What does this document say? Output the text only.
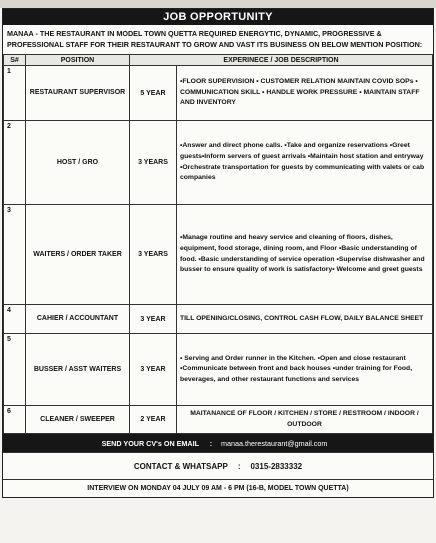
JOB OPPORTUNITY
MANAA - THE RESTAURANT IN MODEL TOWN QUETTA REQUIRED ENERGYTIC, DYNAMIC, PROGRESSIVE & PROFESSIONAL STAFF FOR THEIR RESTAURANT TO GROW AND VAST ITS BUSINESS ON BELOW MENTION POSITION:
S#	POSITION	EXPERINECE / JOB DESCRIPTION	
1	RESTAURANT SUPERVISOR	5 YEAR	•FLOOR SUPERVISION • CUSTOMER RELATION MAINTAIN COVID SOPs • COMMUNICATION SKILL • HANDLE WORK PRESSURE • MAINTAIN STAFF AND INVENTORY
2	HOST / GRO	3 YEARS	•Answer and direct phone calls. •Take and organize reservations •Greet guests•Inform servers of guest arrivals •Maintain host station and entryway •Orchestrate transportation for guests by communicating with valets or cab companies
3	WAITERS / ORDER TAKER	3 YEARS	•Manage routine and heavy service and cleaning of floors, dishes, equipment, food storage, dining room, and Floor •Basic understanding of food. •Basic understanding of service operation •Supervise dishwasher and busser to ensure quality of work is satisfactory• Welcome and greet guests
4	CAHIER / ACCOUNTANT	3 YEAR	TILL OPENING/CLOSING, CONTROL CASH FLOW, DAILY BALANCE SHEET
5	BUSSER / ASST WAITERS	3 YEAR	• Serving and Order runner in the Kitchen. •Open and close restaurant •Communicate between front and back houses •under training for Food, beverages, and other restaurant functions and services
6	CLEANER / SWEEPER	2 YEAR	MAITANANCE OF FLOOR / KITCHEN / STORE / RESTROOM / INDOOR / OUTDOOR
SEND YOUR CV's ON EMAIL	:	manaa.therestaurant@gmail.com
CONTACT & WHATSAPP	:	0315-2833332
INTERVIEW ON MONDAY 04 JULY 09 AM - 6 PM (16-B, MODEL TOWN QUETTA)
